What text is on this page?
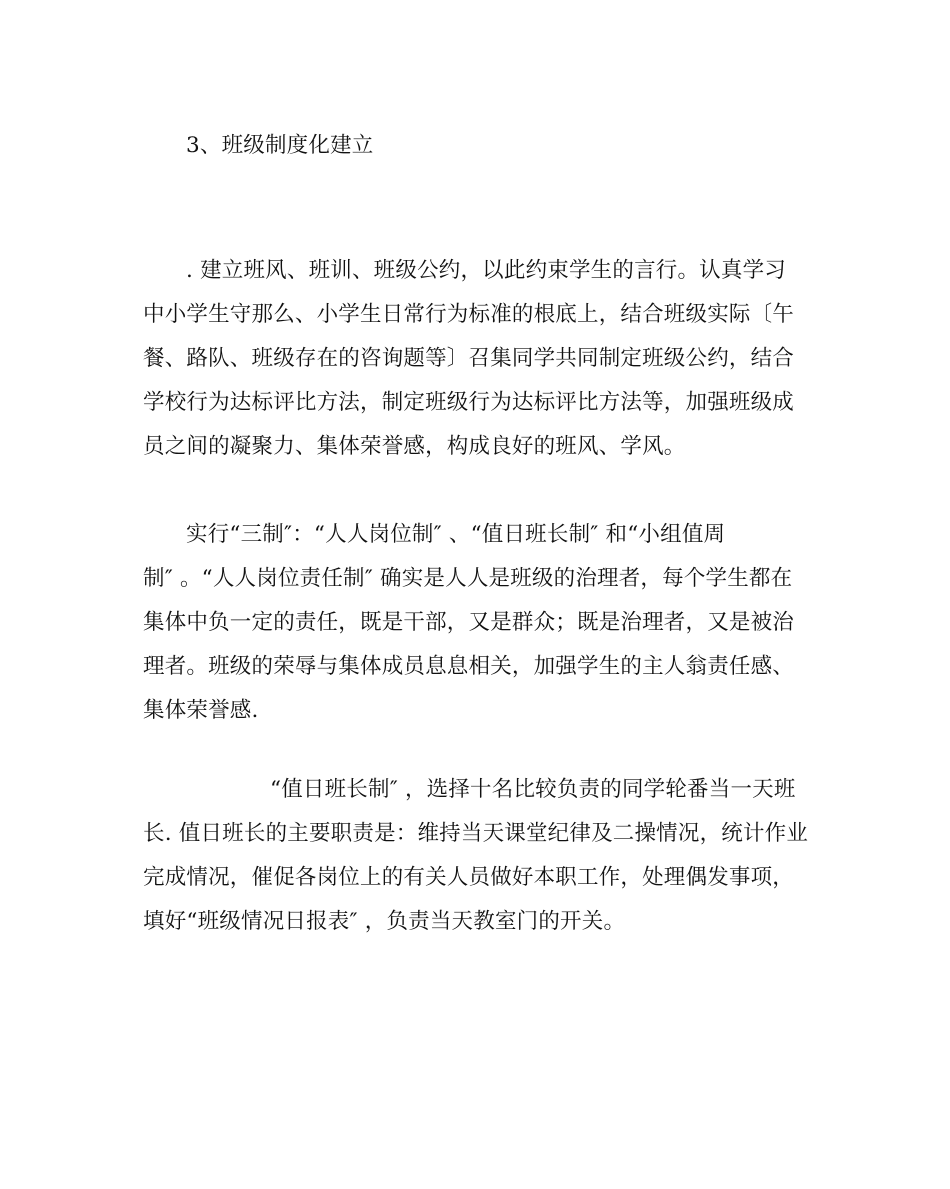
3、班级制度化建立
. 建立班风、班训、班级公约，以此约束学生的言行。认真学习
中小学生守那么、小学生日常行为标准的根底上，结合班级实际〔午
餐、路队、班级存在的咨询题等〕召集同学共同制定班级公约，结合
学校行为达标评比方法，制定班级行为达标评比方法等，加强班级成
员之间的凝聚力、集体荣誉感，构成良好的班风、学风。
实行“三制″：“人人岗位制″ 、“值日班长制″ 和“小组值周
制″ 。“人人岗位责任制″ 确实是人人是班级的治理者，每个学生都在
集体中负一定的责任，既是干部，又是群众；既是治理者，又是被治
理者。班级的荣辱与集体成员息息相关，加强学生的主人翁责任感、
集体荣誉感.
“值日班长制″ ，选择十名比较负责的同学轮番当一天班
长. 值日班长的主要职责是：维持当天课堂纪律及二操情况，统计作业
完成情况，催促各岗位上的有关人员做好本职工作，处理偶发事项，
填好“班级情况日报表″ ，负责当天教室门的开关。
